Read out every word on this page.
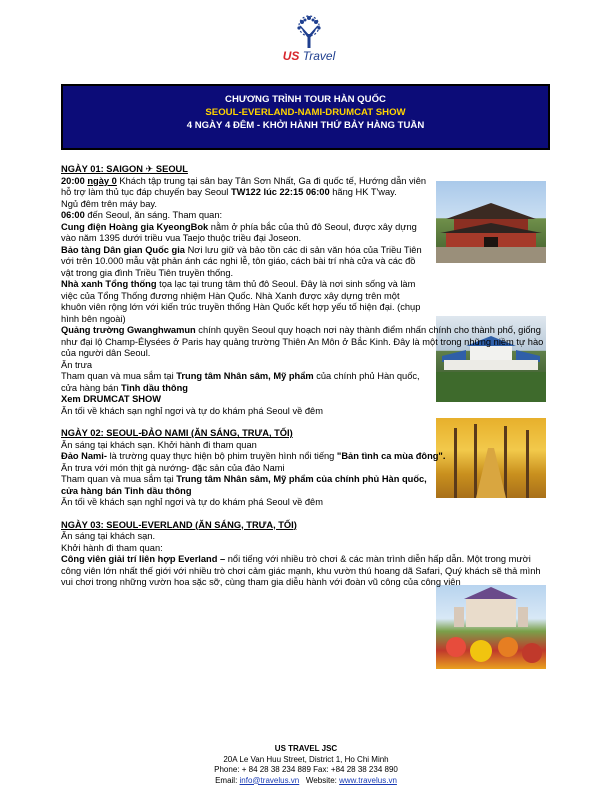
US Travel
CHƯƠNG TRÌNH TOUR HÀN QUỐC
SEOUL-EVERLAND-NAMI-DRUMCAT SHOW
4 NGÀY 4 ĐÊM - KHỞI HÀNH THỨ BẢY HÀNG TUẦN

NGÀY 01: SAIGON ✈ SEOUL

20:00 ngày 0 Khách tập trung tại sân bay Tân Sơn Nhất, Ga đi quốc tế, Hướng dẫn viên hỗ trợ làm thủ tục đáp chuyến bay Seoul TW122 lúc 22:15 06:00 hãng HK T'way.

Ngủ đêm trên máy bay.

06:00 đến Seoul, ăn sáng. Tham quan:

Cung điện Hoàng gia KyeongBok nằm ở phía bắc của thủ đô Seoul, được xây dựng vào năm 1395 dưới triều vua Taejo thuộc triều đại Joseon.

Bảo tàng Dân gian Quốc gia Nơi lưu giữ và bảo tồn các di sản văn hóa của Triều Tiên với trên 10.000 mẫu vật phản ánh các nghi lễ, tôn giáo, cách bài trí nhà cửa và các đồ vật trong gia đình Triều Tiên truyền thống.

Nhà xanh Tổng thống tọa lạc tại trung tâm thủ đô Seoul. Đây là nơi sinh sống và làm việc của Tổng Thống đương nhiệm Hàn Quốc. Nhà Xanh được xây dựng trên một khuôn viên rộng lớn với kiến trúc truyền thống Hàn Quốc kết hợp yếu tố hiện đại. (chụp hình bên ngoài)

Quảng trường Gwanghwamun chính quyền Seoul quy hoạch nơi này thành điểm nhấn chính cho thành phố, giống như đại lộ Champ-Élysées ở Paris hay quảng trường Thiên An Môn ở Bắc Kinh. Đây là một trong những niềm tự hào của người dân Seoul.

Ăn trưa

Tham quan và mua sắm tại Trung tâm Nhân sâm, Mỹ phẩm của chính phủ Hàn quốc, cửa hàng bán Tinh dầu thông

Xem DRUMCAT SHOW

Ăn tối về khách sạn nghỉ ngơi và tự do khám phá Seoul về đêm

NGÀY 02: SEOUL-ĐẢO NAMI (ĂN SÁNG, TRƯA, TỐI)

Ăn sáng tại khách sạn. Khởi hành đi tham quan

Đảo Nami- là trường quay thực hiện bộ phim truyền hình nổi tiếng "Bản tình ca mùa đông".

Ăn trưa với món thịt gà nướng- đặc sản của đảo Nami

Tham quan và mua sắm tại Trung tâm Nhân sâm, Mỹ phẩm của chính phủ Hàn quốc, cửa hàng bán Tinh dầu thông

Ăn tối về khách sạn nghỉ ngơi và tự do khám phá Seoul về đêm

NGÀY 03: SEOUL-EVERLAND (ĂN SÁNG, TRƯA, TỐI)

Ăn sáng tại khách sạn.

Khởi hành đi tham quan:

Công viên giải trí liên hợp Everland – nổi tiếng với nhiều trò chơi & các màn trình diễn hấp dẫn. Một trong mười công viên lớn nhất thế giới với nhiều trò chơi cảm giác mạnh, khu vườn thú hoang dã Safari, Quý khách sẽ thả mình vui chơi trong những vườn hoa sặc sỡ, cùng tham gia diễu hành với đoàn vũ công của công viên

US TRAVEL JSC
20A Le Van Huu Street, District 1, Ho Chi Minh
Phone: + 84 28 38 234 889 Fax: +84 28 38 234 890
Email: info@travelus.vn   Website: www.travelus.vn
